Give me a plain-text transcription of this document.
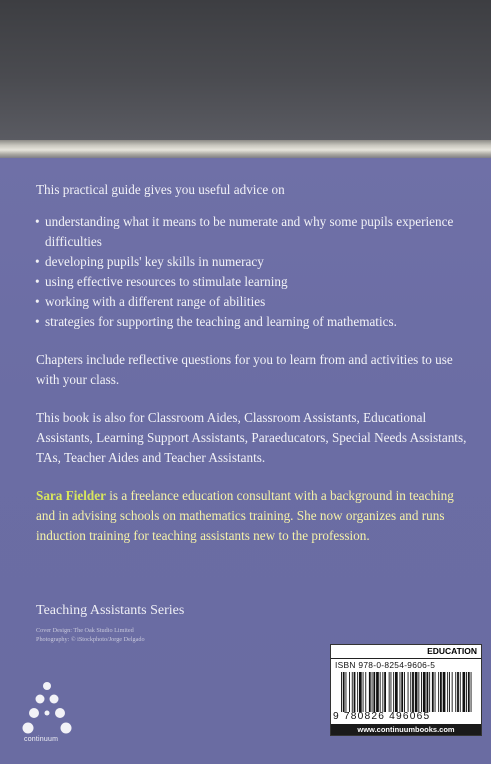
This practical guide gives you useful advice on

• understanding what it means to be numerate and why some pupils experience difficulties
• developing pupils' key skills in numeracy
• using effective resources to stimulate learning
• working with a different range of abilities
• strategies for supporting the teaching and learning of mathematics.

Chapters include reflective questions for you to learn from and activities to use with your class.

This book is also for Classroom Aides, Classroom Assistants, Educational Assistants, Learning Support Assistants, Paraeducators, Special Needs Assistants, TAs, Teacher Aides and Teacher Assistants.

Sara Fielder is a freelance education consultant with a background in teaching and in advising schools on mathematics training. She now organizes and runs induction training for teaching assistants new to the profession.

Teaching Assistants Series
Cover Design: The Oak Studio Limited
Photography: © iStockphoto/Jorge Delgado
continuum
EDUCATION
ISBN 978-0-8254-9606-5
9 780826 496065
www.continuumbooks.com
